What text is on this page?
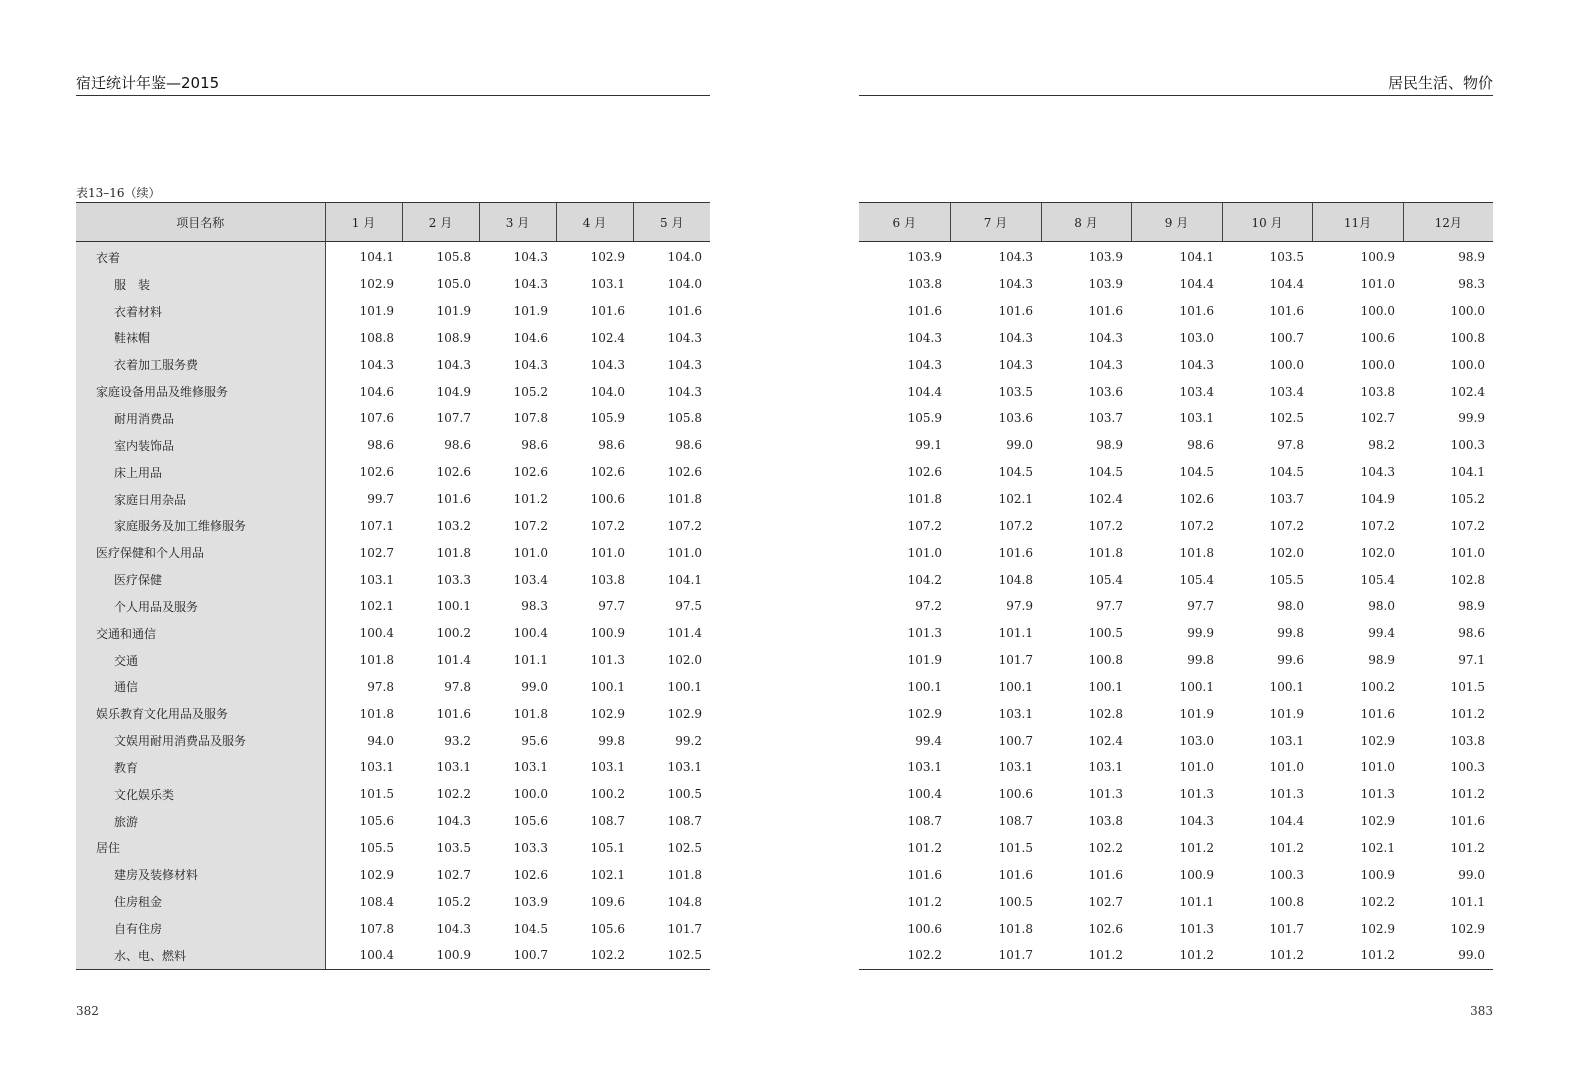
宿迁统计年鉴—2015	居民生活、物价
表13–16（续）
项目名称	1 月	2 月	3 月	4 月	5 月
衣着	104.1	105.8	104.3	102.9	104.0
服　装	102.9	105.0	104.3	103.1	104.0
衣着材料	101.9	101.9	101.9	101.6	101.6
鞋袜帽	108.8	108.9	104.6	102.4	104.3
衣着加工服务费	104.3	104.3	104.3	104.3	104.3
家庭设备用品及维修服务	104.6	104.9	105.2	104.0	104.3
耐用消费品	107.6	107.7	107.8	105.9	105.8
室内装饰品	98.6	98.6	98.6	98.6	98.6
床上用品	102.6	102.6	102.6	102.6	102.6
家庭日用杂品	99.7	101.6	101.2	100.6	101.8
家庭服务及加工维修服务	107.1	103.2	107.2	107.2	107.2
医疗保健和个人用品	102.7	101.8	101.0	101.0	101.0
医疗保健	103.1	103.3	103.4	103.8	104.1
个人用品及服务	102.1	100.1	98.3	97.7	97.5
交通和通信	100.4	100.2	100.4	100.9	101.4
交通	101.8	101.4	101.1	101.3	102.0
通信	97.8	97.8	99.0	100.1	100.1
娱乐教育文化用品及服务	101.8	101.6	101.8	102.9	102.9
文娱用耐用消费品及服务	94.0	93.2	95.6	99.8	99.2
教育	103.1	103.1	103.1	103.1	103.1
文化娱乐类	101.5	102.2	100.0	100.2	100.5
旅游	105.6	104.3	105.6	108.7	108.7
居住	105.5	103.5	103.3	105.1	102.5
建房及装修材料	102.9	102.7	102.6	102.1	101.8
住房租金	108.4	105.2	103.9	109.6	104.8
自有住房	107.8	104.3	104.5	105.6	101.7
水、电、燃料	100.4	100.9	100.7	102.2	102.5
6 月	7 月	8 月	9 月	10 月	11月	12月
103.9	104.3	103.9	104.1	103.5	100.9	98.9
103.8	104.3	103.9	104.4	104.4	101.0	98.3
101.6	101.6	101.6	101.6	101.6	100.0	100.0
104.3	104.3	104.3	103.0	100.7	100.6	100.8
104.3	104.3	104.3	104.3	100.0	100.0	100.0
104.4	103.5	103.6	103.4	103.4	103.8	102.4
105.9	103.6	103.7	103.1	102.5	102.7	99.9
99.1	99.0	98.9	98.6	97.8	98.2	100.3
102.6	104.5	104.5	104.5	104.5	104.3	104.1
101.8	102.1	102.4	102.6	103.7	104.9	105.2
107.2	107.2	107.2	107.2	107.2	107.2	107.2
101.0	101.6	101.8	101.8	102.0	102.0	101.0
104.2	104.8	105.4	105.4	105.5	105.4	102.8
97.2	97.9	97.7	97.7	98.0	98.0	98.9
101.3	101.1	100.5	99.9	99.8	99.4	98.6
101.9	101.7	100.8	99.8	99.6	98.9	97.1
100.1	100.1	100.1	100.1	100.1	100.2	101.5
102.9	103.1	102.8	101.9	101.9	101.6	101.2
99.4	100.7	102.4	103.0	103.1	102.9	103.8
103.1	103.1	103.1	101.0	101.0	101.0	100.3
100.4	100.6	101.3	101.3	101.3	101.3	101.2
108.7	108.7	103.8	104.3	104.4	102.9	101.6
101.2	101.5	102.2	101.2	101.2	102.1	101.2
101.6	101.6	101.6	100.9	100.3	100.9	99.0
101.2	100.5	102.7	101.1	100.8	102.2	101.1
100.6	101.8	102.6	101.3	101.7	102.9	102.9
102.2	101.7	101.2	101.2	101.2	101.2	99.0
382	383
